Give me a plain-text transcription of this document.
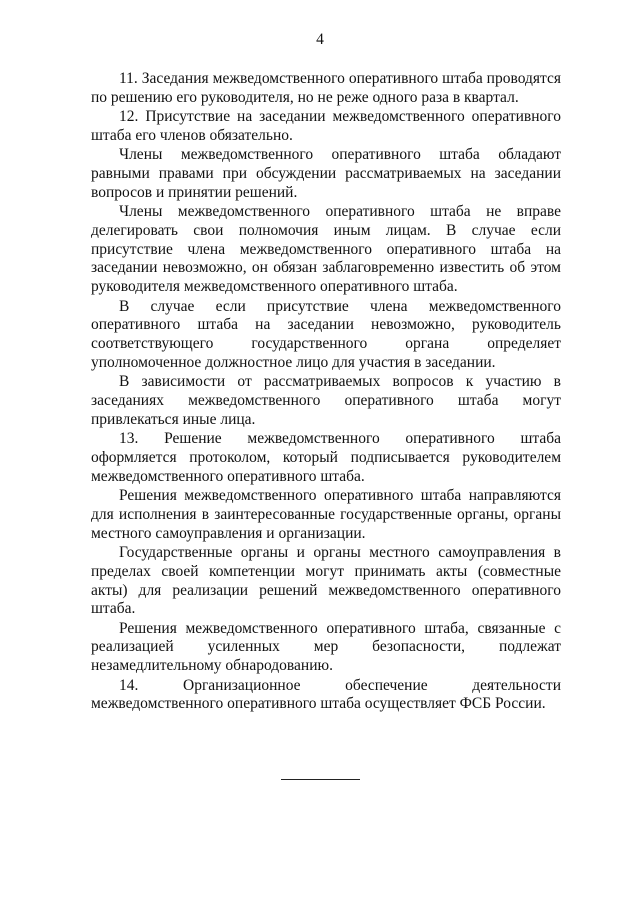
4

11. Заседания межведомственного оперативного штаба проводятся по решению его руководителя, но не реже одного раза в квартал.

12. Присутствие на заседании межведомственного оперативного штаба его членов обязательно.

Члены межведомственного оперативного штаба обладают равными правами при обсуждении рассматриваемых на заседании вопросов и принятии решений.

Члены межведомственного оперативного штаба не вправе делегировать свои полномочия иным лицам. В случае если присутствие члена межведомственного оперативного штаба на заседании невозможно, он обязан заблаговременно известить об этом руководителя межведомственного оперативного штаба.

В случае если присутствие члена межведомственного оперативного штаба на заседании невозможно, руководитель соответствующего государственного органа определяет уполномоченное должностное лицо для участия в заседании.

В зависимости от рассматриваемых вопросов к участию в заседаниях межведомственного оперативного штаба могут привлекаться иные лица.

13. Решение межведомственного оперативного штаба оформляется протоколом, который подписывается руководителем межведомственного оперативного штаба.

Решения межведомственного оперативного штаба направляются для исполнения в заинтересованные государственные органы, органы местного самоуправления и организации.

Государственные органы и органы местного самоуправления в пределах своей компетенции могут принимать акты (совместные акты) для реализации решений межведомственного оперативного штаба.

Решения межведомственного оперативного штаба, связанные с реализацией усиленных мер безопасности, подлежат незамедлительному обнародованию.

14. Организационное обеспечение деятельности межведомственного оперативного штаба осуществляет ФСБ России.
